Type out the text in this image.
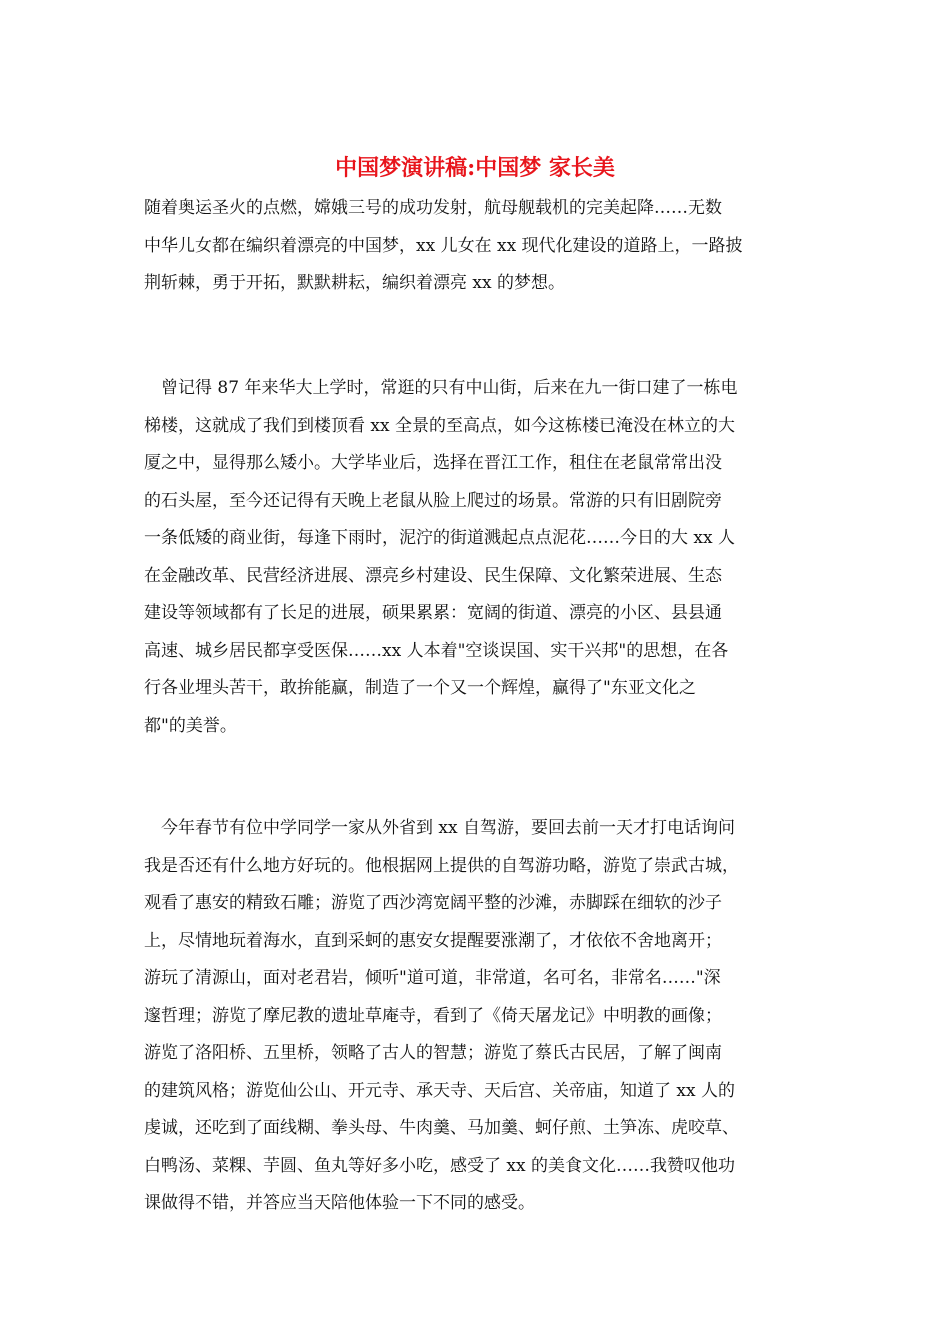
中国梦演讲稿:中国梦 家长美

随着奥运圣火的点燃，嫦娥三号的成功发射，航母舰载机的完美起降……无数
中华儿女都在编织着漂亮的中国梦，xx 儿女在 xx 现代化建设的道路上，一路披
荆斩棘，勇于开拓，默默耕耘，编织着漂亮 xx 的梦想。

　曾记得 87 年来华大上学时，常逛的只有中山街，后来在九一街口建了一栋电
梯楼，这就成了我们到楼顶看 xx 全景的至高点，如今这栋楼已淹没在林立的大
厦之中，显得那么矮小。大学毕业后，选择在晋江工作，租住在老鼠常常出没
的石头屋，至今还记得有天晚上老鼠从脸上爬过的场景。常游的只有旧剧院旁
一条低矮的商业街，每逢下雨时，泥泞的街道溅起点点泥花……今日的大 xx 人
在金融改革、民营经济进展、漂亮乡村建设、民生保障、文化繁荣进展、生态
建设等领域都有了长足的进展，硕果累累：宽阔的街道、漂亮的小区、县县通
高速、城乡居民都享受医保……xx 人本着"空谈误国、实干兴邦"的思想，在各
行各业埋头苦干，敢拚能赢，制造了一个又一个辉煌，赢得了"东亚文化之
都"的美誉。

　今年春节有位中学同学一家从外省到 xx 自驾游，要回去前一天才打电话询问
我是否还有什么地方好玩的。他根据网上提供的自驾游功略，游览了崇武古城，
观看了惠安的精致石雕；游览了西沙湾宽阔平整的沙滩，赤脚踩在细软的沙子
上，尽情地玩着海水，直到采蚵的惠安女提醒要涨潮了，才依依不舍地离开；
游玩了清源山，面对老君岩，倾听"道可道，非常道，名可名，非常名……"深
邃哲理；游览了摩尼教的遗址草庵寺，看到了《倚天屠龙记》中明教的画像；
游览了洛阳桥、五里桥，领略了古人的智慧；游览了蔡氏古民居，了解了闽南
的建筑风格；游览仙公山、开元寺、承天寺、天后宫、关帝庙，知道了 xx 人的
虔诚，还吃到了面线糊、拳头母、牛肉羹、马加羹、蚵仔煎、土笋冻、虎咬草、
白鸭汤、菜粿、芋圆、鱼丸等好多小吃，感受了 xx 的美食文化……我赞叹他功
课做得不错，并答应当天陪他体验一下不同的感受。
